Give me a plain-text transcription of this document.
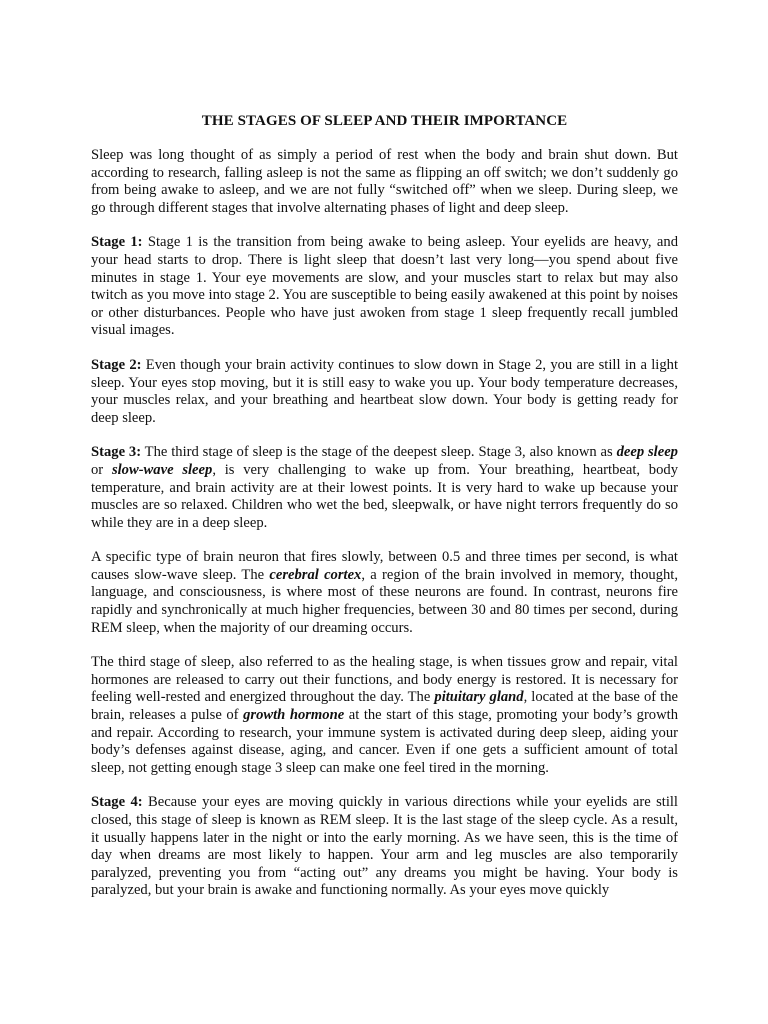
THE STAGES OF SLEEP AND THEIR IMPORTANCE

Sleep was long thought of as simply a period of rest when the body and brain shut down. But according to research, falling asleep is not the same as flipping an off switch; we don’t suddenly go from being awake to asleep, and we are not fully “switched off” when we sleep. During sleep, we go through different stages that involve alternating phases of light and deep sleep.

Stage 1: Stage 1 is the transition from being awake to being asleep. Your eyelids are heavy, and your head starts to drop. There is light sleep that doesn’t last very long—you spend about five minutes in stage 1. Your eye movements are slow, and your muscles start to relax but may also twitch as you move into stage 2. You are susceptible to being easily awakened at this point by noises or other disturbances. People who have just awoken from stage 1 sleep frequently recall jumbled visual images.

Stage 2: Even though your brain activity continues to slow down in Stage 2, you are still in a light sleep. Your eyes stop moving, but it is still easy to wake you up. Your body temperature decreases, your muscles relax, and your breathing and heartbeat slow down. Your body is getting ready for deep sleep.

Stage 3: The third stage of sleep is the stage of the deepest sleep. Stage 3, also known as deep sleep or slow-wave sleep, is very challenging to wake up from. Your breathing, heartbeat, body temperature, and brain activity are at their lowest points. It is very hard to wake up because your muscles are so relaxed. Children who wet the bed, sleepwalk, or have night terrors frequently do so while they are in a deep sleep.

A specific type of brain neuron that fires slowly, between 0.5 and three times per second, is what causes slow-wave sleep. The cerebral cortex, a region of the brain involved in memory, thought, language, and consciousness, is where most of these neurons are found. In contrast, neurons fire rapidly and synchronically at much higher frequencies, between 30 and 80 times per second, during REM sleep, when the majority of our dreaming occurs.

The third stage of sleep, also referred to as the healing stage, is when tissues grow and repair, vital hormones are released to carry out their functions, and body energy is restored. It is necessary for feeling well-rested and energized throughout the day. The pituitary gland, located at the base of the brain, releases a pulse of growth hormone at the start of this stage, promoting your body’s growth and repair. According to research, your immune system is activated during deep sleep, aiding your body’s defenses against disease, aging, and cancer. Even if one gets a sufficient amount of total sleep, not getting enough stage 3 sleep can make one feel tired in the morning.

Stage 4: Because your eyes are moving quickly in various directions while your eyelids are still closed, this stage of sleep is known as REM sleep. It is the last stage of the sleep cycle. As a result, it usually happens later in the night or into the early morning. As we have seen, this is the time of day when dreams are most likely to happen. Your arm and leg muscles are also temporarily paralyzed, preventing you from “acting out” any dreams you might be having. Your body is paralyzed, but your brain is awake and functioning normally. As your eyes move quickly
